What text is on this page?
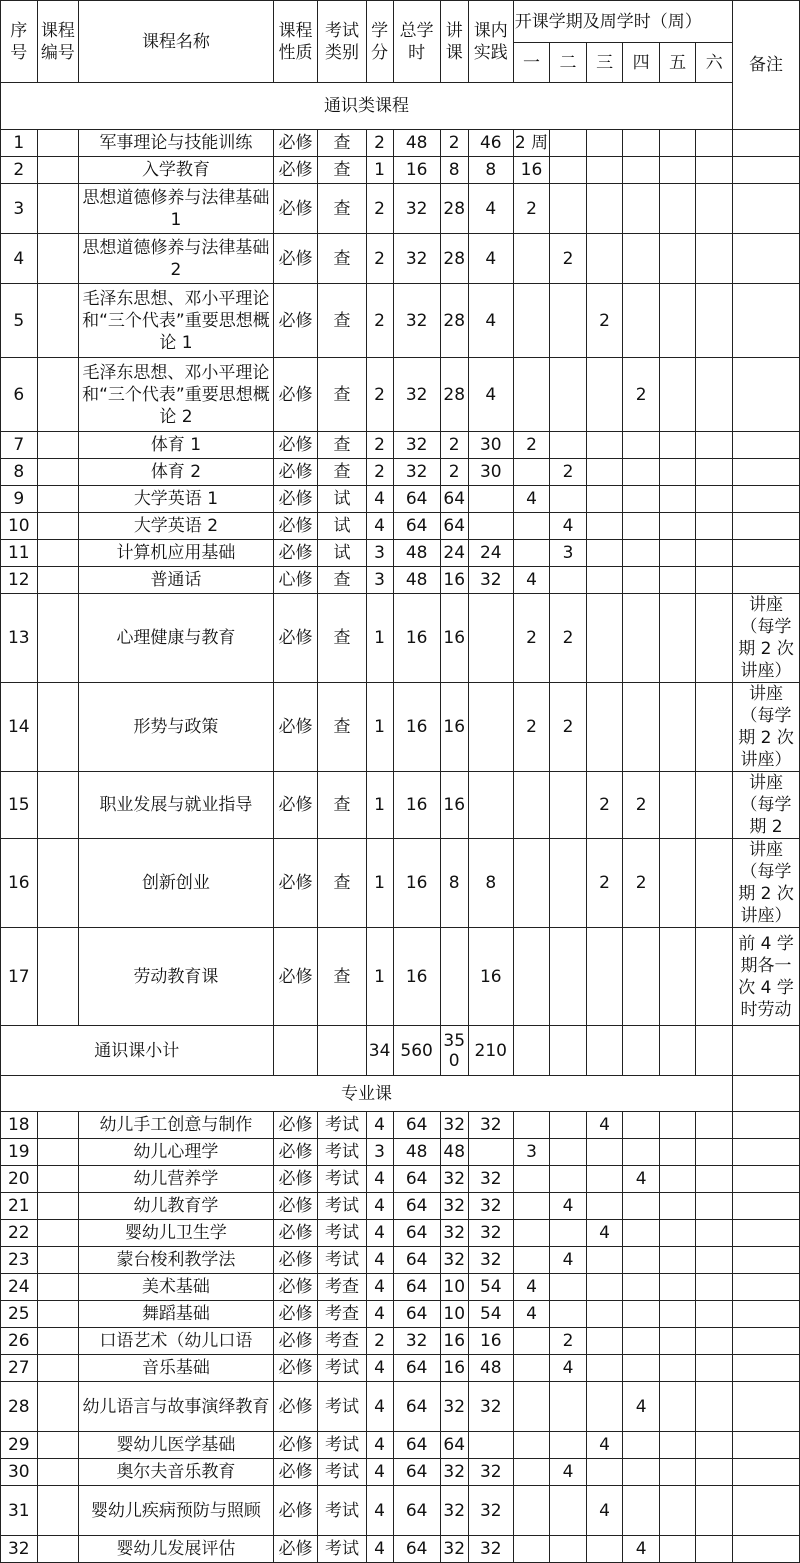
序号	课程编号	课程名称	课程性质	考试类别	学分	总学时	讲课	课内实践	开课学期及周学时（周）						备注
									一	二	三	四	五	六	
通识类课程															
1		军事理论与技能训练	必修	查	2	48	2	46	2 周						
2		入学教育	必修	查	1	16	8	8	16						
3		思想道德修养与法律基础 1	必修	查	2	32	28	4	2						
4		思想道德修养与法律基础 2	必修	查	2	32	28	4		2					
5		毛泽东思想、邓小平理论和“三个代表”重要思想概论 1	必修	查	2	32	28	4			2				
6		毛泽东思想、邓小平理论和“三个代表”重要思想概论 2	必修	查	2	32	28	4				2			
7		体育 1	必修	查	2	32	2	30	2						
8		体育 2	必修	查	2	32	2	30		2					
9		大学英语 1	必修	试	4	64	64		4						
10		大学英语 2	必修	试	4	64	64			4					
11		计算机应用基础	必修	试	3	48	24	24		3					
12		普通话	心修	查	3	48	16	32	4						
13		心理健康与教育	必修	查	1	16	16		2	2					讲座（每学期 2 次讲座）
14		形势与政策	必修	查	1	16	16		2	2					讲座（每学期 2 次讲座）
15		职业发展与就业指导	必修	查	1	16	16				2	2			讲座（每学期 2
16		创新创业	必修	查	1	16	8	8			2	2			讲座（每学期 2 次讲座）
17		劳动教育课	必修	查	1	16		16							前 4 学期各一次 4 学时劳动
通识课小计					34	560	350	210							
专业课															
18		幼儿手工创意与制作	必修	考试	4	64	32	32			4				
19		幼儿心理学	必修	考试	3	48	48		3						
20		幼儿营养学	必修	考试	4	64	32	32				4			
21		幼儿教育学	必修	考试	4	64	32	32		4					
22		婴幼儿卫生学	必修	考试	4	64	32	32			4				
23		蒙台梭利教学法	必修	考试	4	64	32	32		4					
24		美术基础	必修	考查	4	64	10	54	4						
25		舞蹈基础	必修	考查	4	64	10	54	4						
26		口语艺术（幼儿口语	必修	考查	2	32	16	16		2					
27		音乐基础	必修	考试	4	64	16	48		4					
28		幼儿语言与故事演绎教育	必修	考试	4	64	32	32				4			
29		婴幼儿医学基础	必修	考试	4	64	64				4				
30		奥尔夫音乐教育	必修	考试	4	64	32	32		4					
31		婴幼儿疾病预防与照顾	必修	考试	4	64	32	32			4				
32		婴幼儿发展评估	必修	考试	4	64	32	32				4			
